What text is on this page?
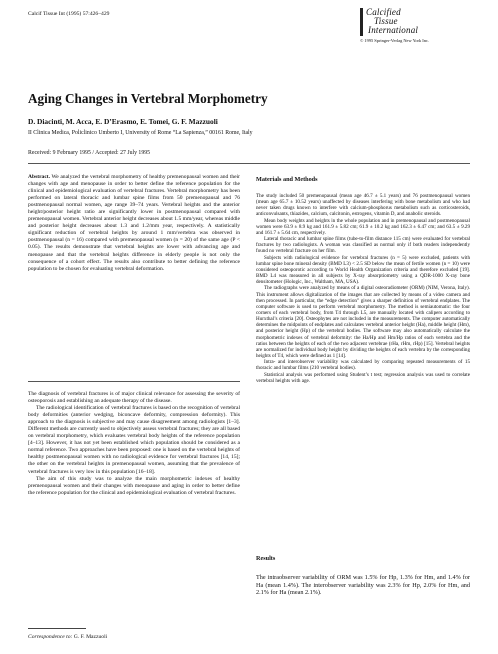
Calcif Tissue Int (1995) 57:426–429	Calcified
Tissue
International
© 1995 Springer-Verlag New York Inc.
Aging Changes in Vertebral Morphometry
D. Diacinti, M. Acca, E. D’Erasmo, E. Tomei, G. F. Mazzuoli
II Clinica Medica, Policlinico Umberto I, University of Rome “La Sapienza,” 00161 Rome, Italy
Received: 9 February 1995 / Accepted: 27 July 1995

Abstract. We analyzed the vertebral morphometry of healthy premenopausal women and their changes with age and menopause in order to better define the reference population for the clinical and epidemiological evaluation of vertebral fractures. Vertebral morphometry has been performed on lateral thoracic and lumbar spine films from 50 premenopausal and 76 postmenopausal normal women, age range 39–74 years. Vertebral heights and the anterior height/posterior height ratio are significantly lower in postmenopausal compared with premenopausal women. Vertebral anterior height decreases about 1.5 mm/year, whereas middle and posterior height decreases about 1.3 and 1.2/mm year, respectively. A statistically significant reduction of vertebral heights by around 1 mm/vertebra was observed in postmenopausal (n = 16) compared with premenopausal women (n = 20) of the same age (P < 0.05). The results demonstrate that vertebral heights are lower with advancing age and menopause and that the vertebral heights difference in elderly people is not only the consequence of a cohort effect. The results also contribute to better defining the reference population to be chosen for evaluating vertebral deformation.

The diagnosis of vertebral fractures is of major clinical relevance for assessing the severity of osteoporosis and establishing an adequate therapy of the disease.

The radiological identification of vertebral fractures is based on the recognition of vertebral body deformities (anterior wedging, biconcave deformity, compression deformity). This approach to the diagnosis is subjective and may cause disagreement among radiologists [1–3]. Different methods are currently used to objectively assess vertebral fractures; they are all based on vertebral morphometry, which evaluates vertebral body heights of the reference population [4–13]. However, it has not yet been established which population should be considered as a normal reference. Two approaches have been proposed: one is based on the vertebral heights of healthy postmenopausal women with no radiological evidence for vertebral fractures [14, 15]; the other on the vertebral heights in premenopausal women, assuming that the prevalence of vertebral fractures is very low in this population [16–18].

The aim of this study was to analyze the main morphometric indexes of healthy premenopausal women and their changes with menopause and aging in order to better define the reference population for the clinical and epidemiological evaluation of vertebral fractures.

Correspondence to: G. F. Mazzuoli

Materials and Methods

The study included 50 premenopausal (mean age 46.7 ± 5.1 years) and 76 postmenopausal women (mean age 65.7 ± 10.52 years) unaffected by diseases interfering with bone metabolism and who had never taken drugs known to interfere with calcium-phosphorus metabolism such as corticosteroids, anticonvulsants, thiazides, calcium, calcitonin, estrogens, vitamin D, and anabolic steroids.

Mean body weights and heights in the whole population and in premenopausal and postmenopausal women were 63.9 ± 8.9 kg and 161.9 ± 5.82 cm; 61.9 ± 10.2 kg and 162.3 ± 6.47 cm; and 63.5 ± 9.29 and 161.7 ± 5.64 cm, respectively.

Lateral thoracic and lumbar spine films (tube-to-film distance 115 cm) were evaluated for vertebral fractures by two radiologists. A woman was classified as normal only if both readers independently found no vertebral fracture on her film.

Subjects with radiological evidence for vertebral fractures (n = 5) were excluded, patients with lumbar spine bone mineral density (BMD L3) < 2.5 SD below the mean of fertile women (n = 10) were considered osteoporotic according to World Health Organization criteria and therefore excluded [19]. BMD L4 was measured in all subjects by X-ray absorptiometry using a QDR-1000 X-ray bone densitometer (Hologic, Inc., Waltham, MA, USA).

The radiographs were analyzed by means of a digital osteoradiometer (ORM) (NIM, Verona, Italy). This instrument allows digitalization of the images that are collected by means of a video camera and then processed. In particular, the “edge detection” gives a sharper definition of vertebral endplates. The computer software is used to perform vertebral morphometry. The method is semiautomatic: the four corners of each vertebral body, from T4 through L5, are manually located with calipers according to Hurxthal’s criteria [20]. Osteophytes are not included in the measurements. The computer automatically determines the midpoints of endplates and calculates vertebral anterior height (Ha), middle height (Hm), and posterior height (Hp) of the vertebral bodies. The software may also automatically calculate the morphometric indexes of vertebral deformity: the Ha/Hp and Hm/Hp ratios of each vertebra and the ratios between the heights of each of the two adjacent vertebrae (rHa, rHm, rHp) [15]. Vertebral heights are normalized for individual body height by dividing the heights of each vertebra by the corresponding heights of T4, which were defined as 1 [14].

Intra- and interobserver variability was calculated by comparing repeated measurements of 15 thoracic and lumbar films (210 vertebral bodies).

Statistical analysis was performed using Student’s t test; regression analysis was used to correlate vertebral heights with age.

Results

The intraobserver variability of ORM was 1.5% for Hp, 1.3% for Hm, and 1.4% for Ha (mean 1.4%). The interobserver variability was 2.3% for Hp, 2.0% for Hm, and 2.1% for Ha (mean 2.1%).
